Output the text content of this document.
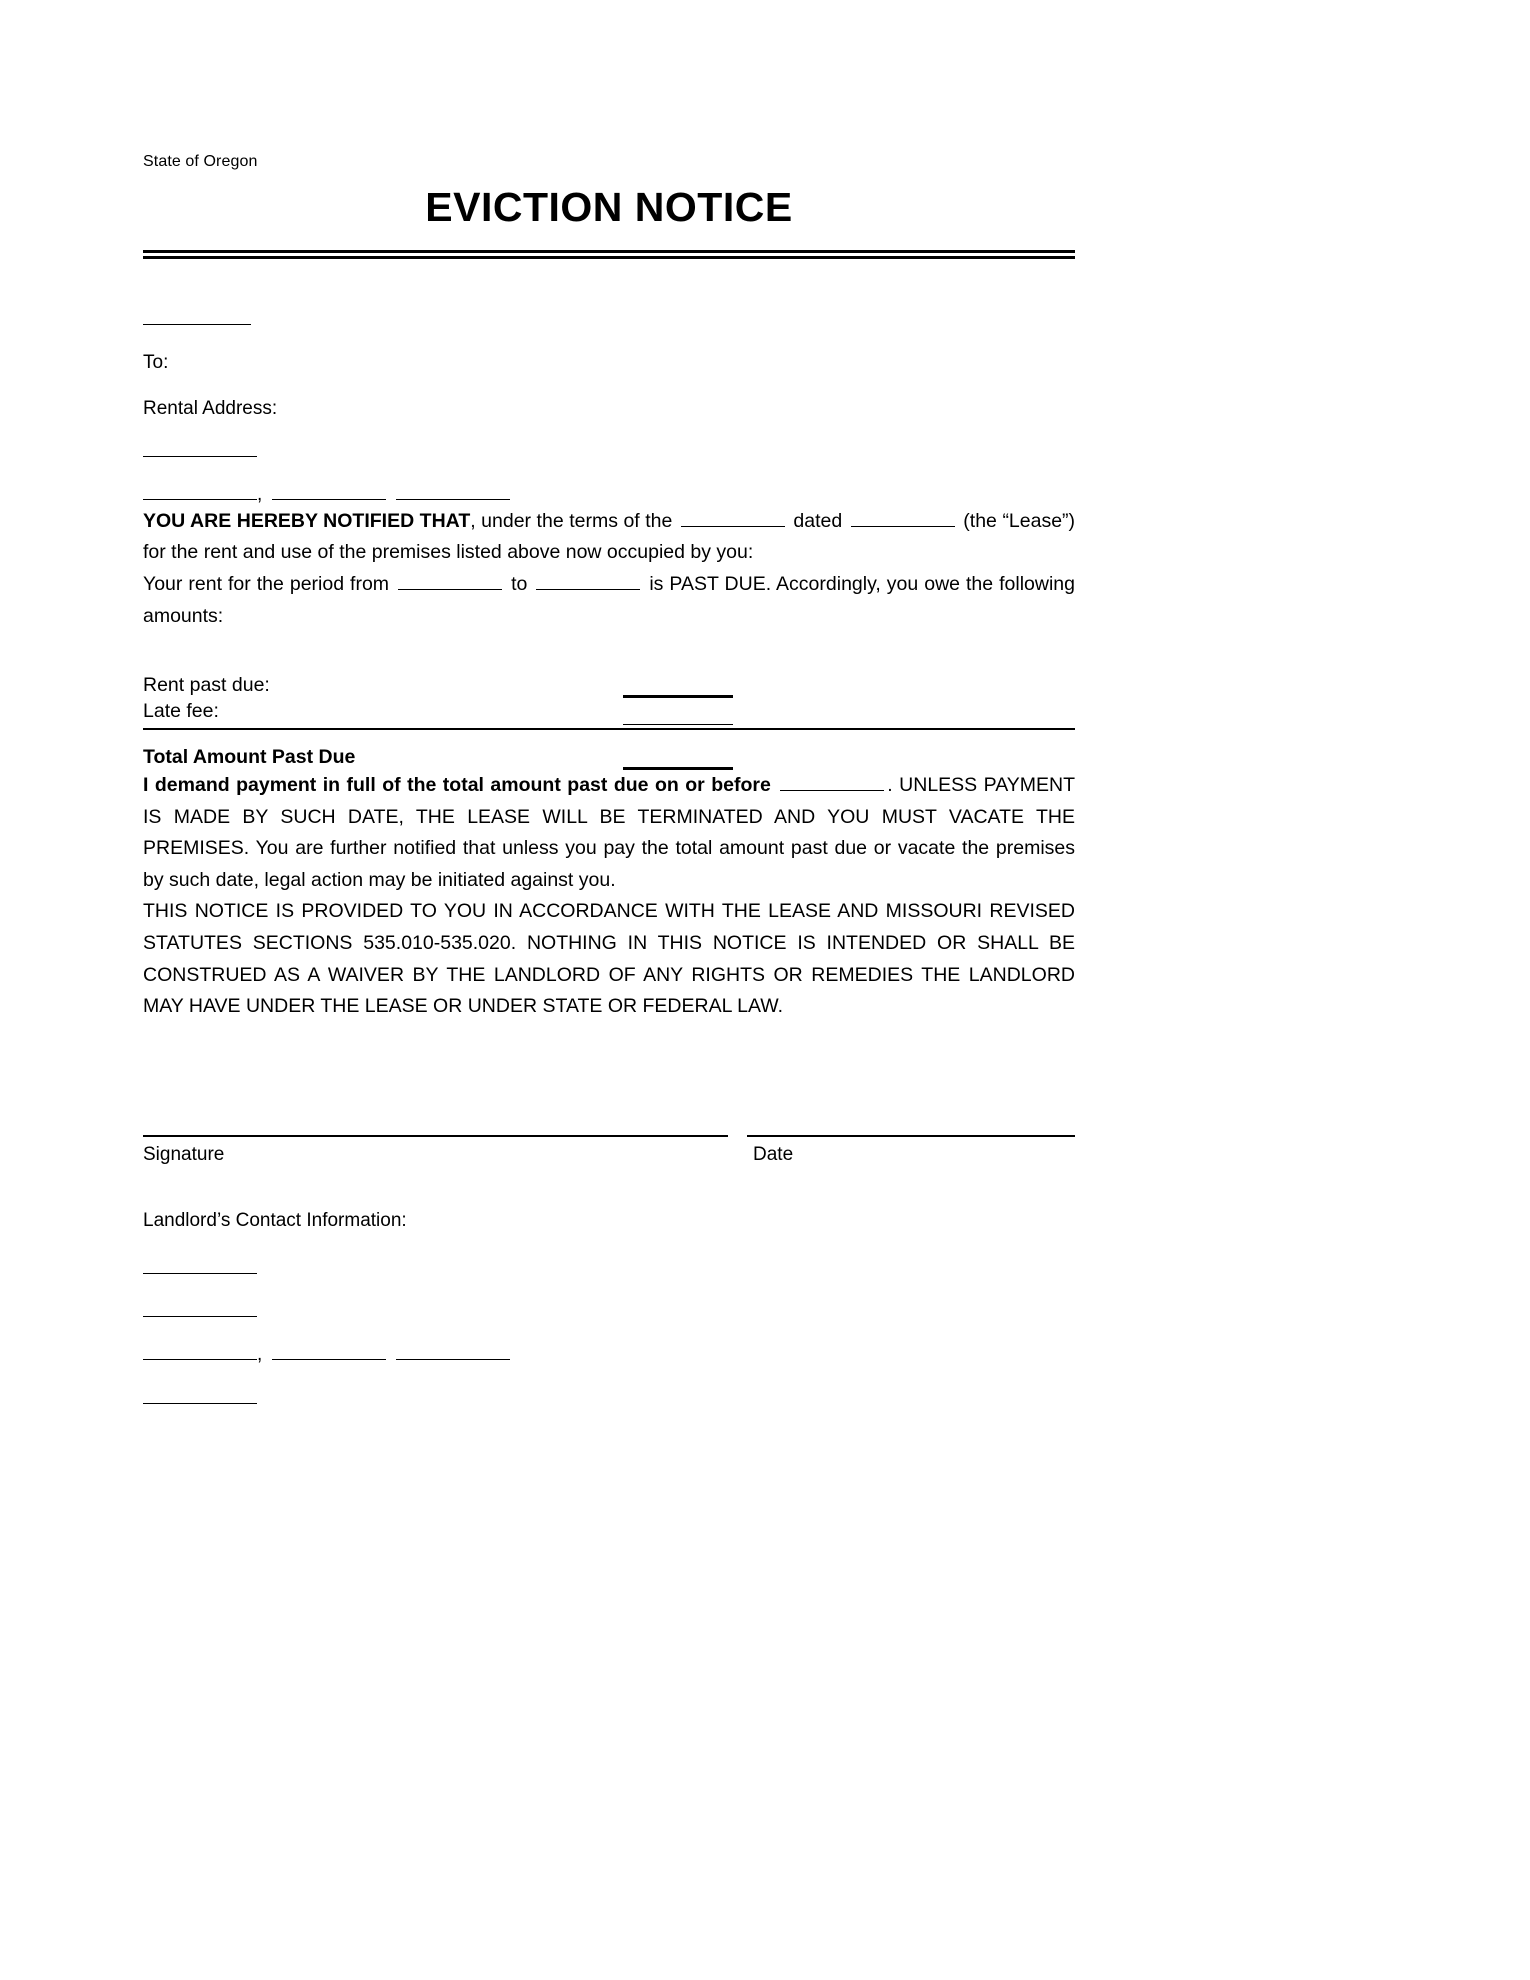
State of Oregon
EVICTION NOTICE
To:
Rental Address:
,

YOU ARE HEREBY NOTIFIED THAT, under the terms of the	dated	(the “Lease”) for the rent and use of the premises listed above now occupied by you:

Your rent for the period from	to	is PAST DUE. Accordingly, you owe the following amounts:

Rent past due:
Late fee:
Total Amount Past Due

I demand payment in full of the total amount past due on or before	. UNLESS PAYMENT IS MADE BY SUCH DATE, THE LEASE WILL BE TERMINATED AND YOU MUST VACATE THE PREMISES. You are further notified that unless you pay the total amount past due or vacate the premises by such date, legal action may be initiated against you.

THIS NOTICE IS PROVIDED TO YOU IN ACCORDANCE WITH THE LEASE AND MISSOURI REVISED STATUTES SECTIONS 535.010-535.020. NOTHING IN THIS NOTICE IS INTENDED OR SHALL BE CONSTRUED AS A WAIVER BY THE LANDLORD OF ANY RIGHTS OR REMEDIES THE LANDLORD MAY HAVE UNDER THE LEASE OR UNDER STATE OR FEDERAL LAW.

Signature	Date
Landlord’s Contact Information:
,
